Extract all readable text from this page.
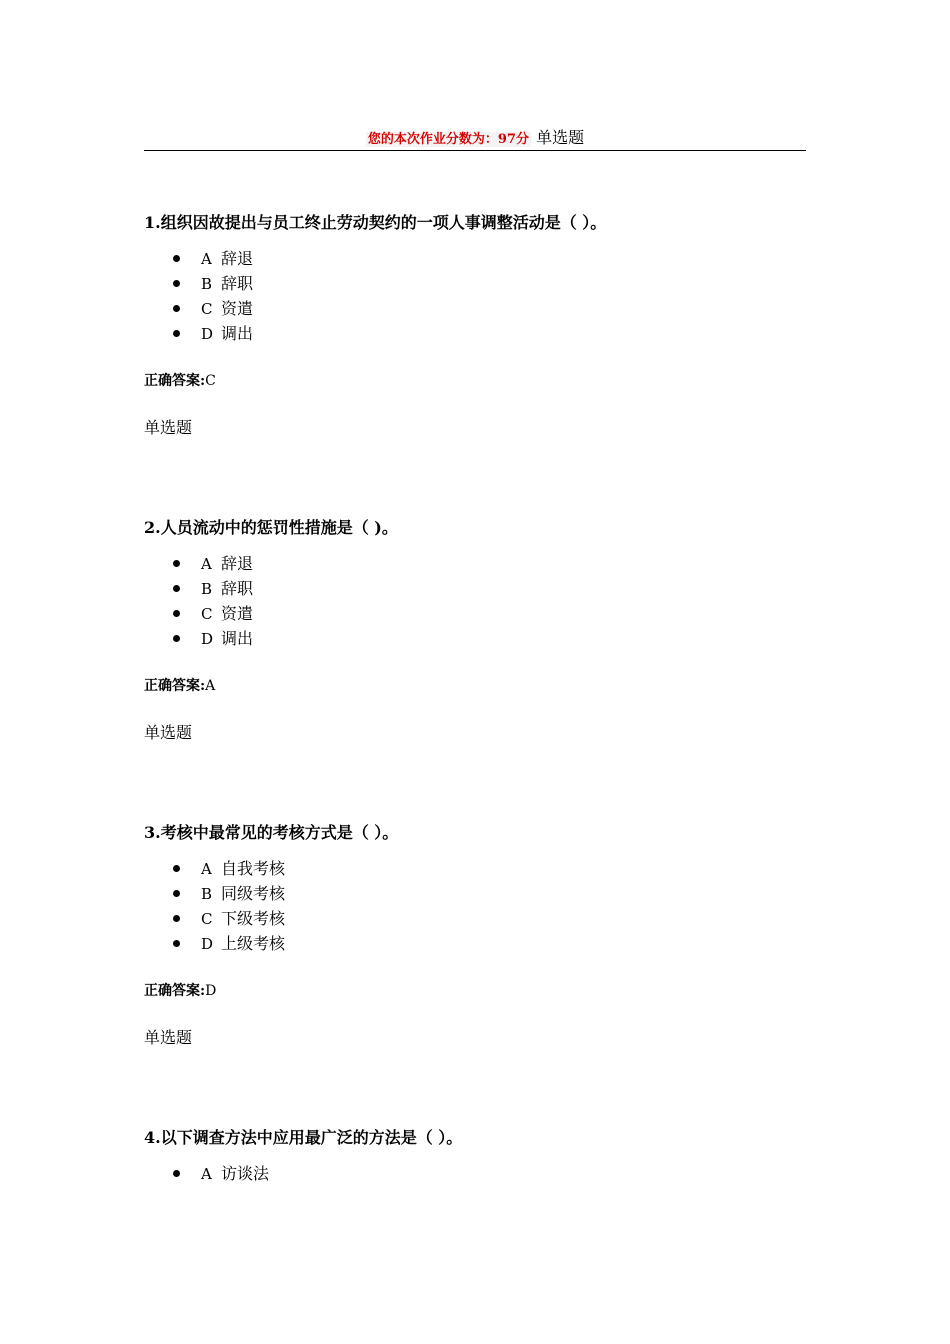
您的本次作业分数为：97分 单选题
1.组织因故提出与员工终止劳动契约的一项人事调整活动是（ ）。
A 辞退
B 辞职
C 资遣
D 调出
正确答案:C
单选题
2.人员流动中的惩罚性措施是（ )。
A 辞退
B 辞职
C 资遣
D 调出
正确答案:A
单选题
3.考核中最常见的考核方式是（ ）。
A 自我考核
B 同级考核
C 下级考核
D 上级考核
正确答案:D
单选题
4.以下调查方法中应用最广泛的方法是（ ）。
A 访谈法
